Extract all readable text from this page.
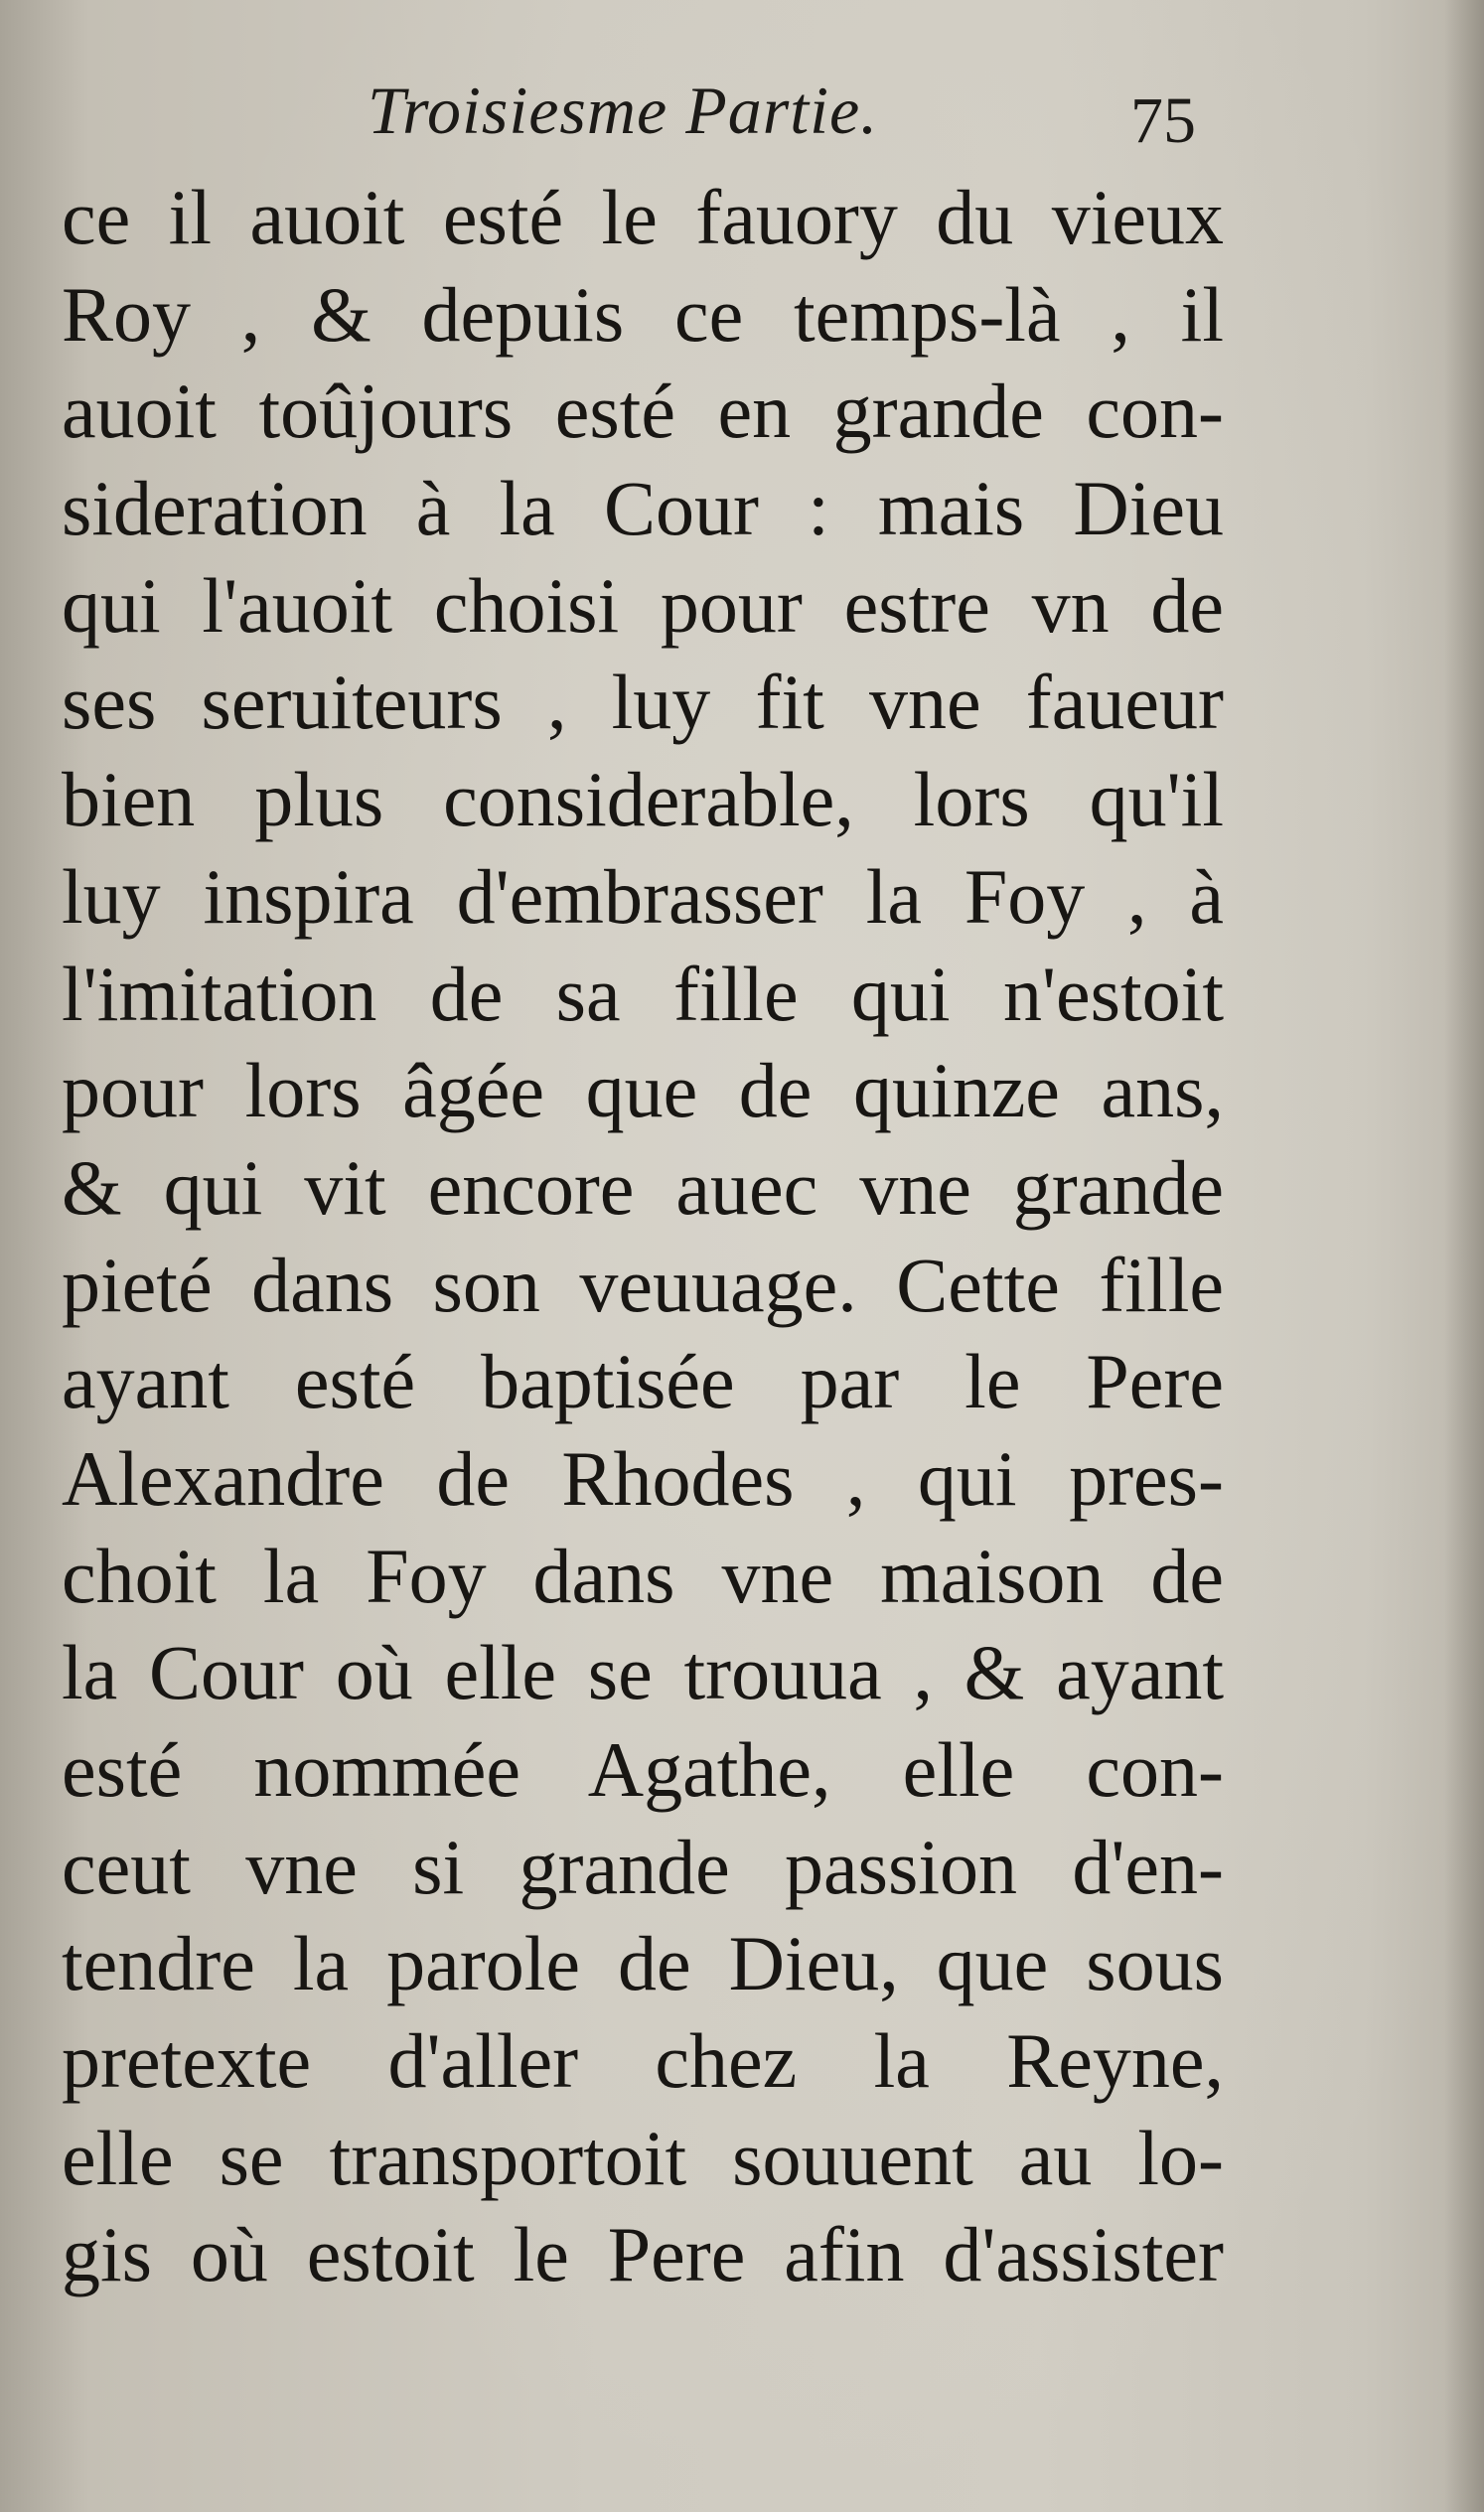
Troisiesme Partie.	75
ce il auoit esté le fauory du vieux
Roy , & depuis ce temps-là , il
auoit toûjours esté en grande con-
sideration à la Cour : mais Dieu
qui l'auoit choisi pour estre vn de
ses seruiteurs , luy fit vne faueur
bien plus considerable, lors qu'il
luy inspira d'embrasser la Foy , à
l'imitation de sa fille qui n'estoit
pour lors âgée que de quinze ans,
& qui vit encore auec vne grande
pieté dans son veuuage. Cette fille
ayant esté baptisée par le Pere
Alexandre de Rhodes , qui pres-
choit la Foy dans vne maison de
la Cour où elle se trouua , & ayant
esté nommée Agathe, elle con-
ceut vne si grande passion d'en-
tendre la parole de Dieu, que sous
pretexte d'aller chez la Reyne,
elle se transportoit souuent au lo-
gis où estoit le Pere afin d'assister
